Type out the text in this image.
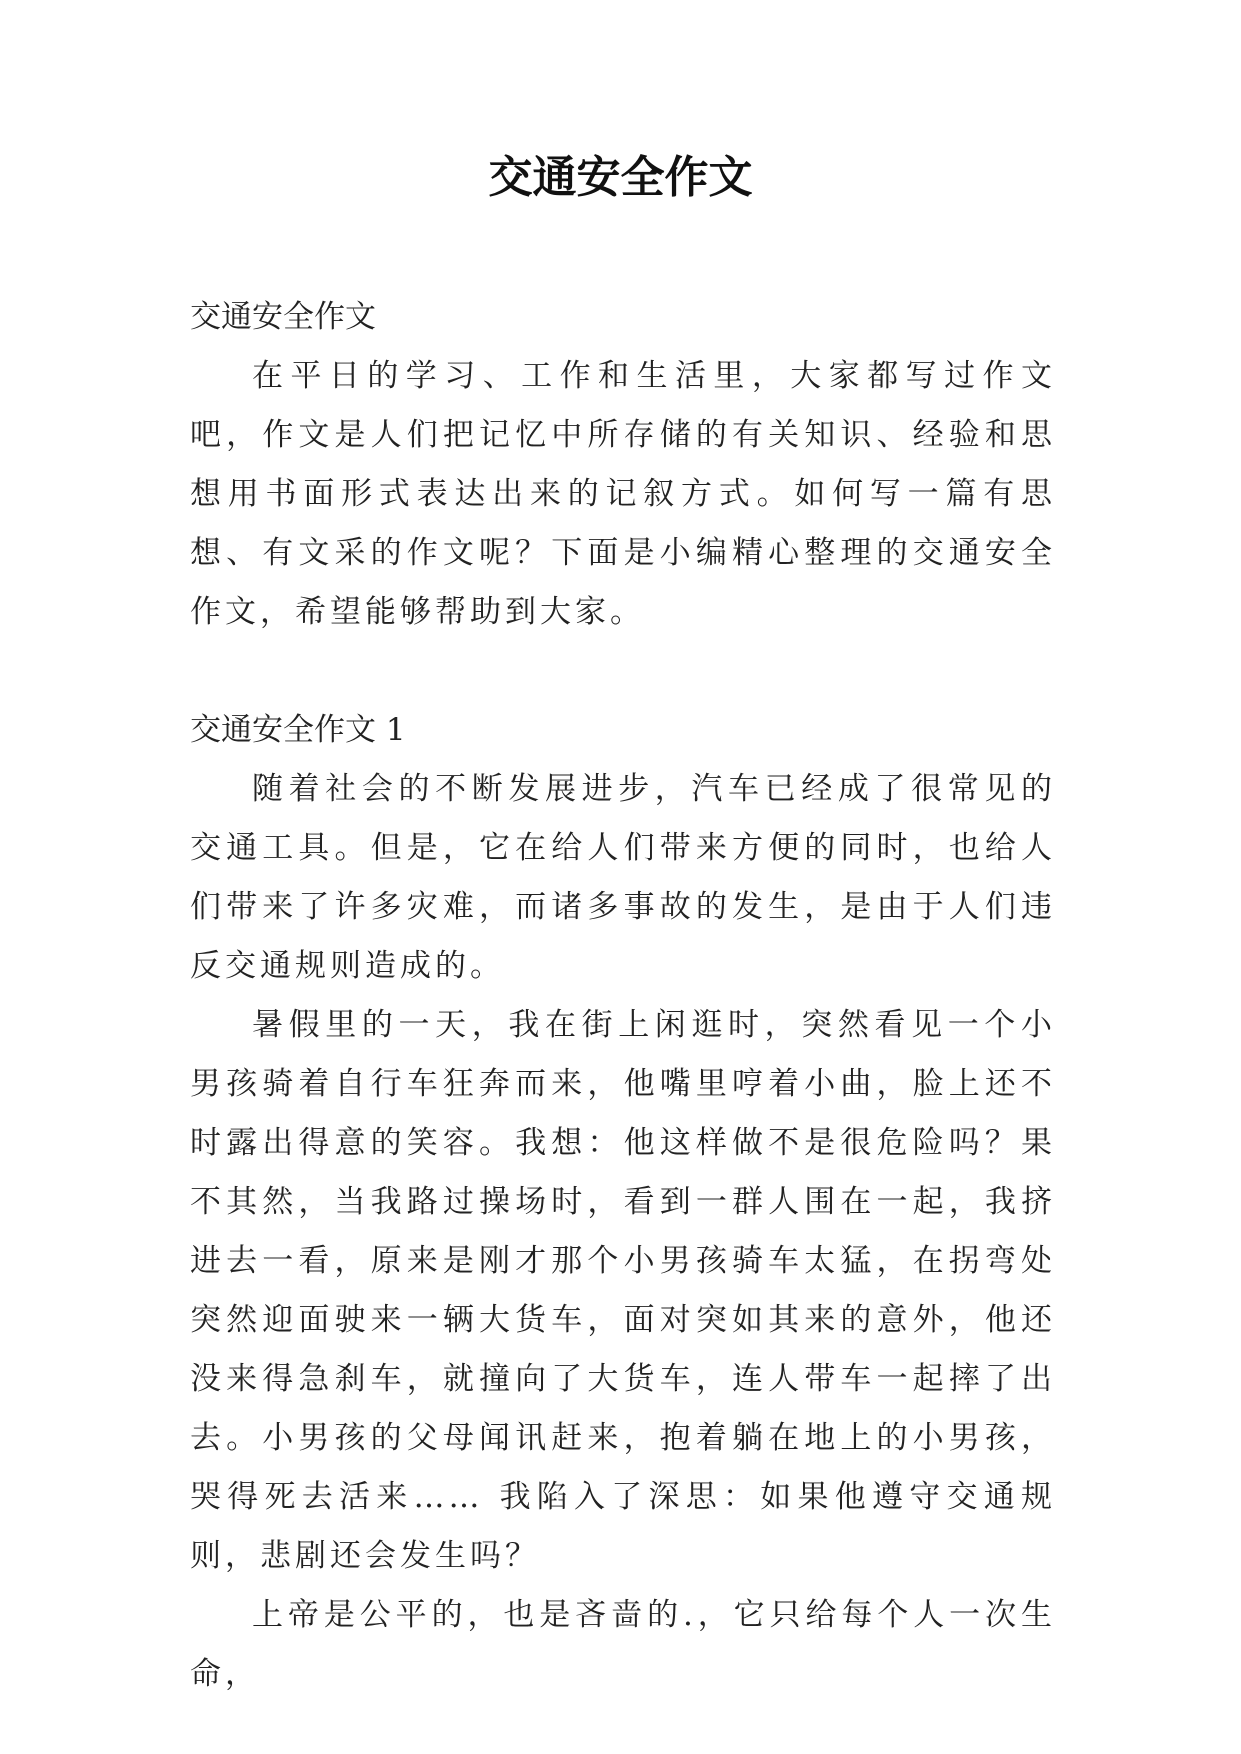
交通安全作文

交通安全作文

在平日的学习、工作和生活里，大家都写过作文吧，作文是人们把记忆中所存储的有关知识、经验和思想用书面形式表达出来的记叙方式。如何写一篇有思想、有文采的作文呢？下面是小编精心整理的交通安全作文，希望能够帮助到大家。

交通安全作文 1

随着社会的不断发展进步，汽车已经成了很常见的交通工具。但是，它在给人们带来方便的同时，也给人们带来了许多灾难，而诸多事故的发生，是由于人们违反交通规则造成的。

暑假里的一天，我在街上闲逛时，突然看见一个小男孩骑着自行车狂奔而来，他嘴里哼着小曲，脸上还不时露出得意的笑容。我想：他这样做不是很危险吗？果不其然，当我路过操场时，看到一群人围在一起，我挤进去一看，原来是刚才那个小男孩骑车太猛，在拐弯处突然迎面驶来一辆大货车，面对突如其来的意外，他还没来得急刹车，就撞向了大货车，连人带车一起摔了出去。小男孩的父母闻讯赶来，抱着躺在地上的小男孩，哭得死去活来…… 我陷入了深思：如果他遵守交通规则，悲剧还会发生吗？

上帝是公平的，也是吝啬的.，它只给每个人一次生命，
